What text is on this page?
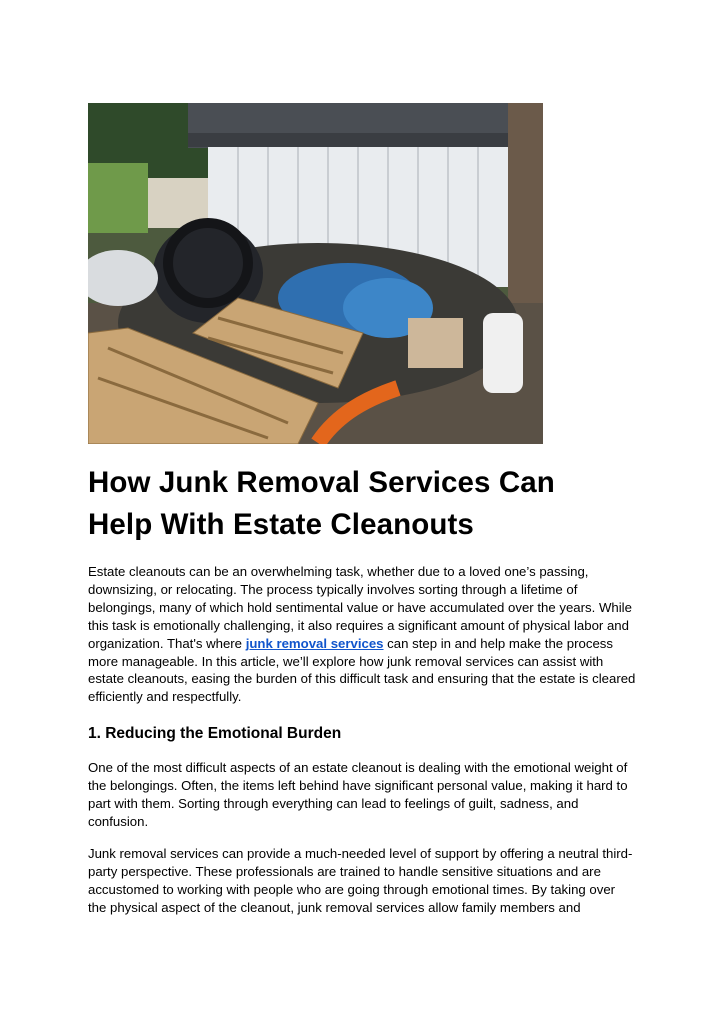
How Junk Removal Services Can
Help With Estate Cleanouts

Estate cleanouts can be an overwhelming task, whether due to a loved one’s passing, downsizing, or relocating. The process typically involves sorting through a lifetime of belongings, many of which hold sentimental value or have accumulated over the years. While this task is emotionally challenging, it also requires a significant amount of physical labor and organization. That's where junk removal services can step in and help make the process more manageable. In this article, we’ll explore how junk removal services can assist with estate cleanouts, easing the burden of this difficult task and ensuring that the estate is cleared efficiently and respectfully.

1. Reducing the Emotional Burden

One of the most difficult aspects of an estate cleanout is dealing with the emotional weight of the belongings. Often, the items left behind have significant personal value, making it hard to part with them. Sorting through everything can lead to feelings of guilt, sadness, and confusion.

Junk removal services can provide a much-needed level of support by offering a neutral third-party perspective. These professionals are trained to handle sensitive situations and are accustomed to working with people who are going through emotional times. By taking over the physical aspect of the cleanout, junk removal services allow family members and
